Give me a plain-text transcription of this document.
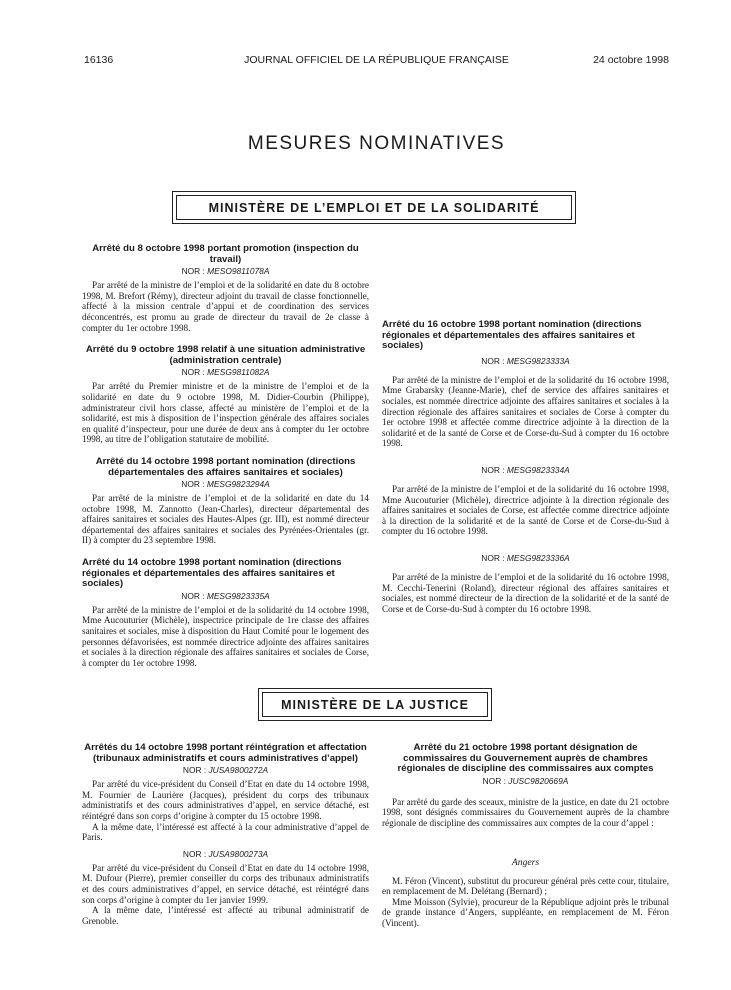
16136	JOURNAL OFFICIEL DE LA RÉPUBLIQUE FRANÇAISE	24 octobre 1998
MESURES NOMINATIVES
MINISTÈRE DE L’EMPLOI ET DE LA SOLIDARITÉ

Arrêté du 8 octobre 1998 portant promotion (inspection du travail)

NOR : MESO9811078A

Par arrêté de la ministre de l’emploi et de la solidarité en date du 8 octobre 1998, M. Brefort (Rémy), directeur adjoint du travail de classe fonctionnelle, affecté à la mission centrale d’appui et de coordination des services déconcentrés, est promu au grade de directeur du travail de 2e classe à compter du 1er octobre 1998.

Arrêté du 9 octobre 1998 relatif à une situation administrative (administration centrale)

NOR : MESG9811082A

Par arrêté du Premier ministre et de la ministre de l’emploi et de la solidarité en date du 9 octobre 1998, M. Didier-Courbin (Philippe), administrateur civil hors classe, affecté au ministère de l’emploi et de la solidarité, est mis à disposition de l’inspection générale des affaires sociales en qualité d’inspecteur, pour une durée de deux ans à compter du 1er octobre 1998, au titre de l’obligation statutaire de mobilité.

Arrêté du 14 octobre 1998 portant nomination (directions départementales des affaires sanitaires et sociales)

NOR : MESG9823294A

Par arrêté de la ministre de l’emploi et de la solidarité en date du 14 octobre 1998, M. Zannotto (Jean-Charles), directeur départemental des affaires sanitaires et sociales des Hautes-Alpes (gr. III), est nommé directeur départemental des affaires sanitaires et sociales des Pyrénées-Orientales (gr. II) à compter du 23 septembre 1998.

Arrêté du 14 octobre 1998 portant nomination (directions régionales et départementales des affaires sanitaires et sociales)

NOR : MESG9823335A

Par arrêté de la ministre de l’emploi et de la solidarité du 14 octobre 1998, Mme Aucouturier (Michèle), inspectrice principale de 1re classe des affaires sanitaires et sociales, mise à disposition du Haut Comité pour le logement des personnes défavorisées, est nommée directrice adjointe des affaires sanitaires et sociales à la direction régionale des affaires sanitaires et sociales de Corse, à compter du 1er octobre 1998.

Arrêté du 16 octobre 1998 portant nomination (directions régionales et départementales des affaires sanitaires et sociales)

NOR : MESG9823333A

Par arrêté de la ministre de l’emploi et de la solidarité du 16 octobre 1998, Mme Grabarsky (Jeanne-Marie), chef de service des affaires sanitaires et sociales, est nommée directrice adjointe des affaires sanitaires et sociales à la direction régionale des affaires sanitaires et sociales de Corse à compter du 1er octobre 1998 et affectée comme directrice adjointe à la direction de la solidarité et de la santé de Corse et de Corse-du-Sud à compter du 16 octobre 1998.

NOR : MESG9823334A

Par arrêté de la ministre de l’emploi et de la solidarité du 16 octobre 1998, Mme Aucouturier (Michèle), directrice adjointe à la direction régionale des affaires sanitaires et sociales de Corse, est affectée comme directrice adjointe à la direction de la solidarité et de la santé de Corse et de Corse-du-Sud à compter du 16 octobre 1998.

NOR : MESG9823336A

Par arrêté de la ministre de l’emploi et de la solidarité du 16 octobre 1998, M. Cecchi-Tenerini (Roland), directeur régional des affaires sanitaires et sociales, est nommé directeur de la direction de la solidarité et de la santé de Corse et de Corse-du-Sud à compter du 16 octobre 1998.

MINISTÈRE DE LA JUSTICE

Arrêtés du 14 octobre 1998 portant réintégration et affectation (tribunaux administratifs et cours administratives d’appel)

NOR : JUSA9800272A

Par arrêté du vice-président du Conseil d’Etat en date du 14 octobre 1998, M. Fournier de Laurière (Jacques), président du corps des tribunaux administratifs et des cours administratives d’appel, en service détaché, est réintégré dans son corps d’origine à compter du 15 octobre 1998.

A la même date, l’intéressé est affecté à la cour administrative d’appel de Paris.

NOR : JUSA9800273A

Par arrêté du vice-président du Conseil d’Etat en date du 14 octobre 1998, M. Dufour (Pierre), premier conseiller du corps des tribunaux administratifs et des cours administratives d’appel, en service détaché, est réintégré dans son corps d’origine à compter du 1er janvier 1999.

A la même date, l’intéressé est affecté au tribunal administratif de Grenoble.

Arrêté du 21 octobre 1998 portant désignation de commissaires du Gouvernement auprès de chambres régionales de discipline des commissaires aux comptes

NOR : JUSC9820669A

Par arrêté du garde des sceaux, ministre de la justice, en date du 21 octobre 1998, sont désignés commissaires du Gouvernement auprès de la chambre régionale de discipline des commissaires aux comptes de la cour d’appel :

Angers

M. Féron (Vincent), substitut du procureur général près cette cour, titulaire, en remplacement de M. Delétang (Bernard) ;

Mme Moisson (Sylvie), procureur de la République adjoint près le tribunal de grande instance d’Angers, suppléante, en remplacement de M. Féron (Vincent).
